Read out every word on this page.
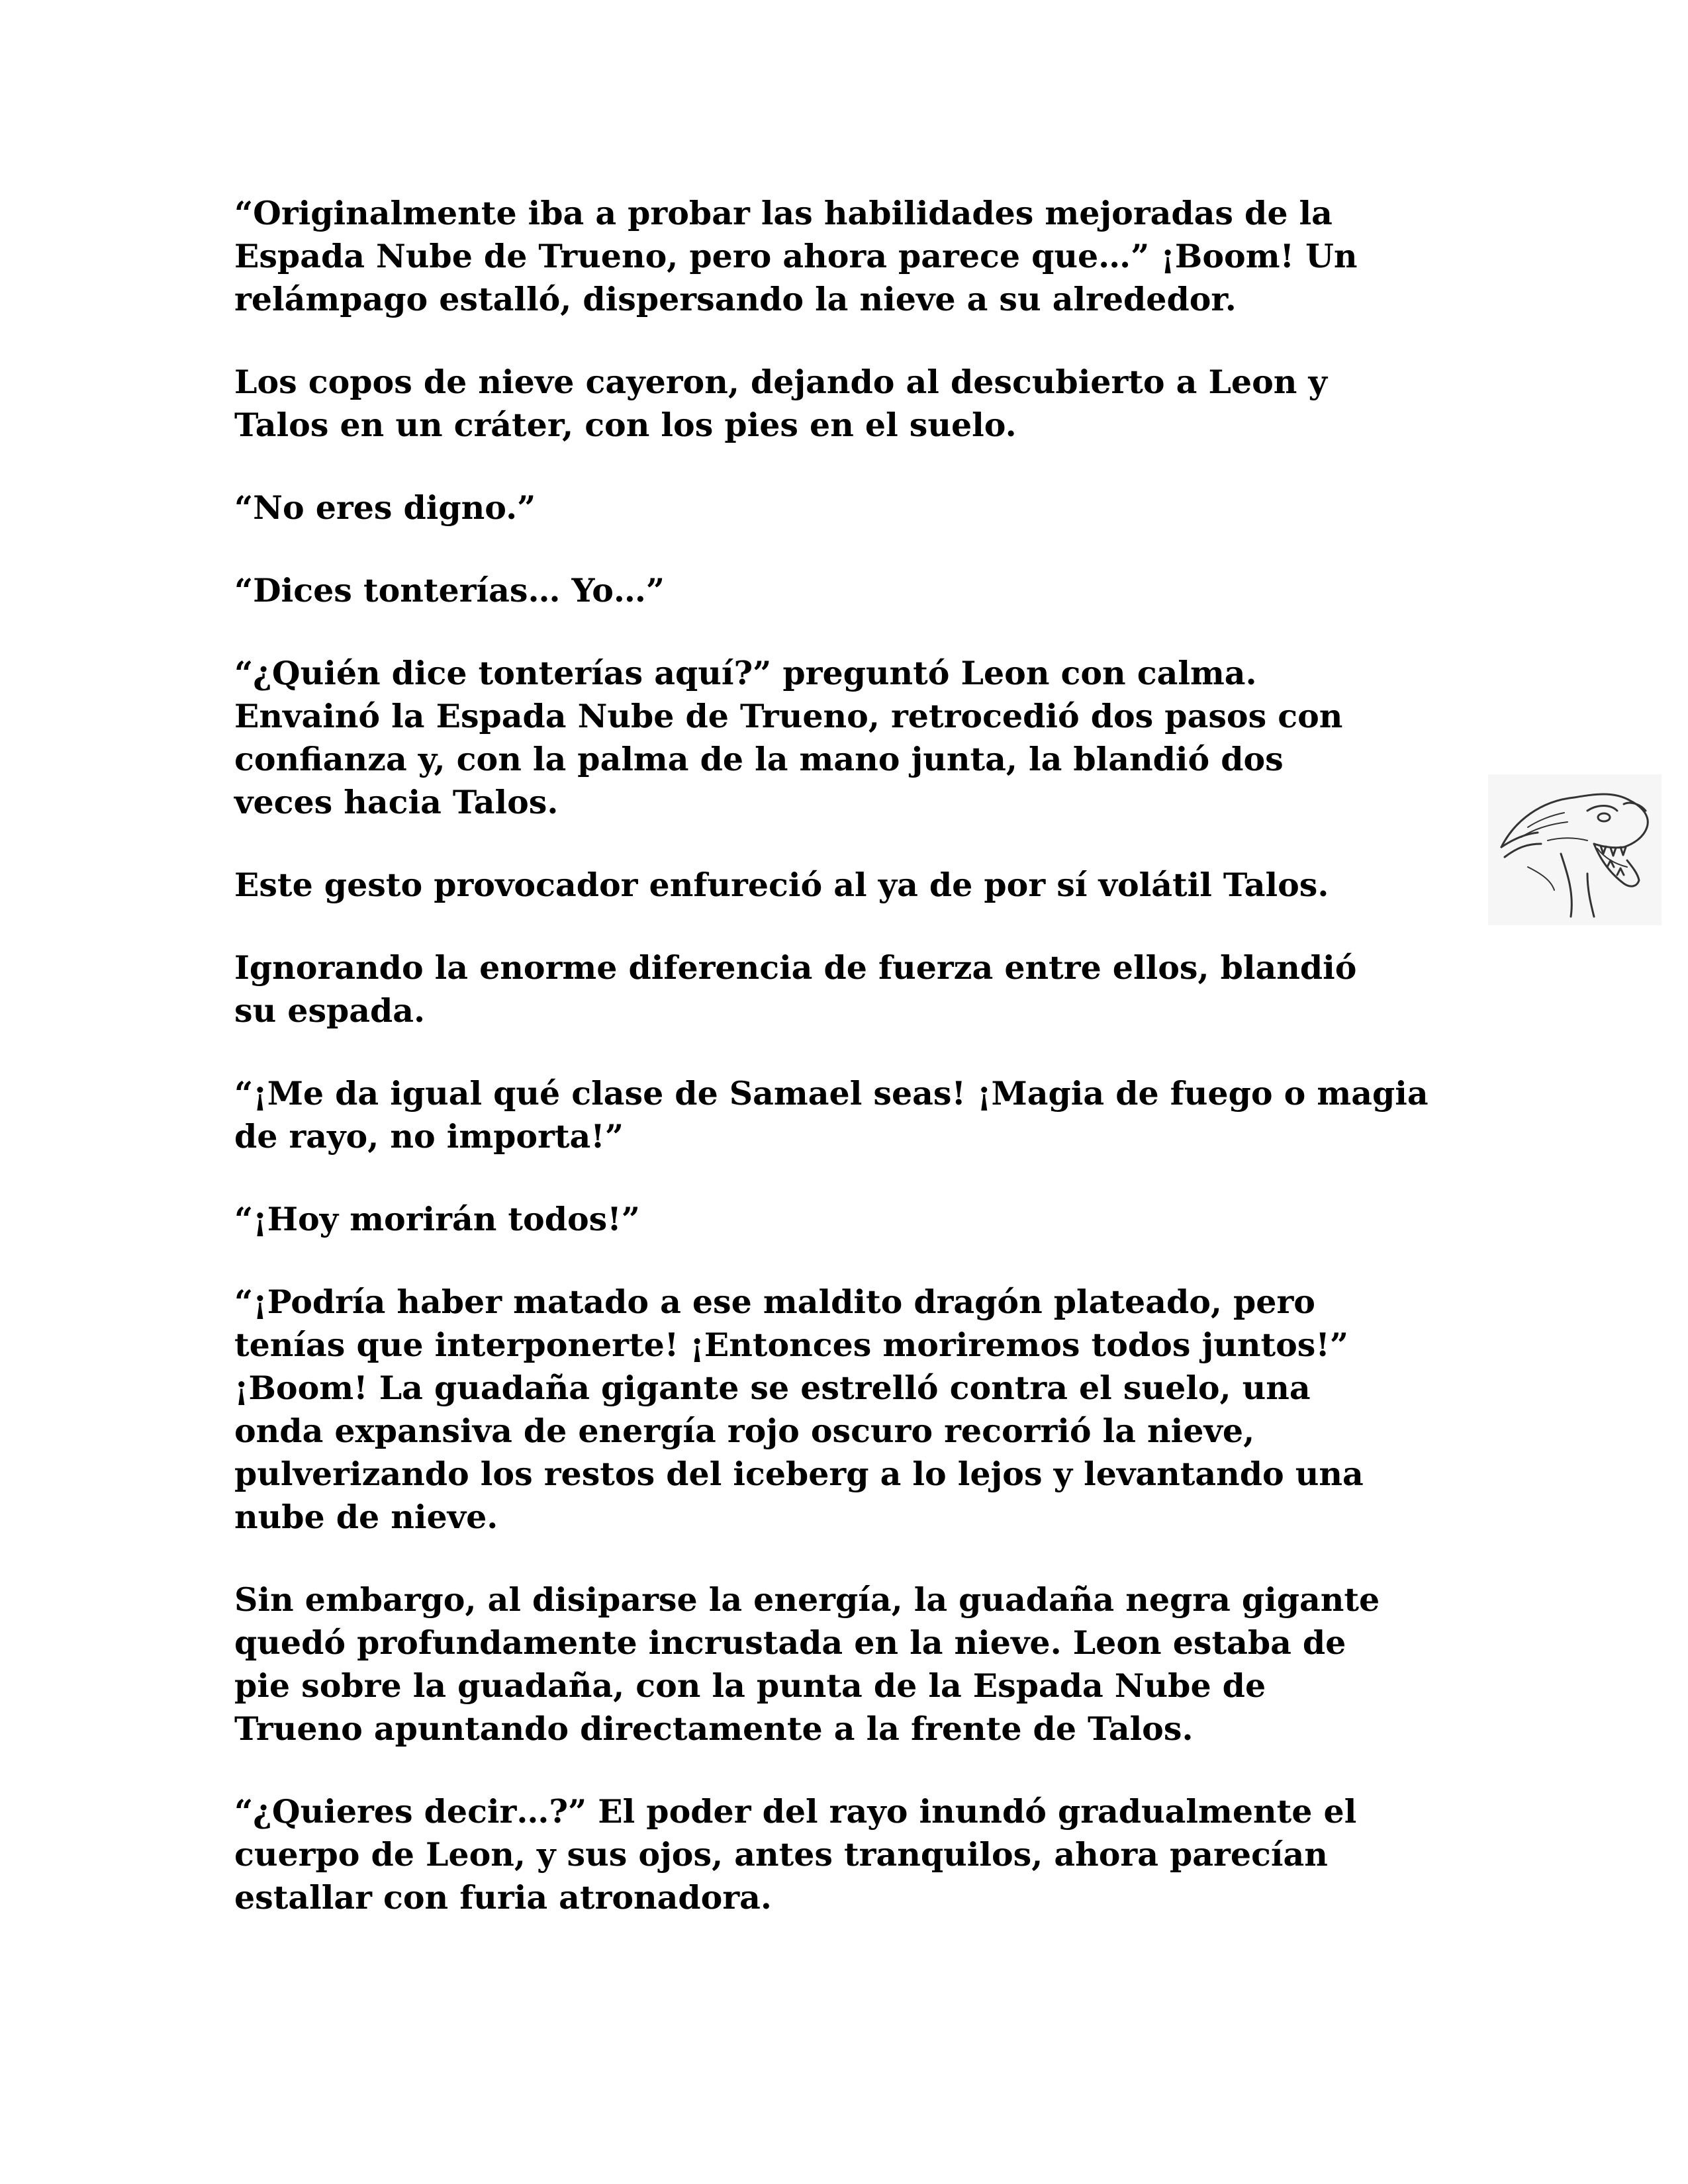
“Originalmente iba a probar las habilidades mejoradas de la
Espada Nube de Trueno, pero ahora parece que…” ¡Boom! Un
relámpago estalló, dispersando la nieve a su alrededor.

Los copos de nieve cayeron, dejando al descubierto a Leon y
Talos en un cráter, con los pies en el suelo.

“No eres digno.”

“Dices tonterías… Yo…”

“¿Quién dice tonterías aquí?” preguntó Leon con calma.
Envainó la Espada Nube de Trueno, retrocedió dos pasos con
confianza y, con la palma de la mano junta, la blandió dos
veces hacia Talos.

Este gesto provocador enfureció al ya de por sí volátil Talos.

Ignorando la enorme diferencia de fuerza entre ellos, blandió
su espada.

“¡Me da igual qué clase de Samael seas! ¡Magia de fuego o magia
de rayo, no importa!”

“¡Hoy morirán todos!”

“¡Podría haber matado a ese maldito dragón plateado, pero
tenías que interponerte! ¡Entonces moriremos todos juntos!”
¡Boom! La guadaña gigante se estrelló contra el suelo, una
onda expansiva de energía rojo oscuro recorrió la nieve,
pulverizando los restos del iceberg a lo lejos y levantando una
nube de nieve.

Sin embargo, al disiparse la energía, la guadaña negra gigante
quedó profundamente incrustada en la nieve. Leon estaba de
pie sobre la guadaña, con la punta de la Espada Nube de
Trueno apuntando directamente a la frente de Talos.

“¿Quieres decir…?” El poder del rayo inundó gradualmente el
cuerpo de Leon, y sus ojos, antes tranquilos, ahora parecían
estallar con furia atronadora.
